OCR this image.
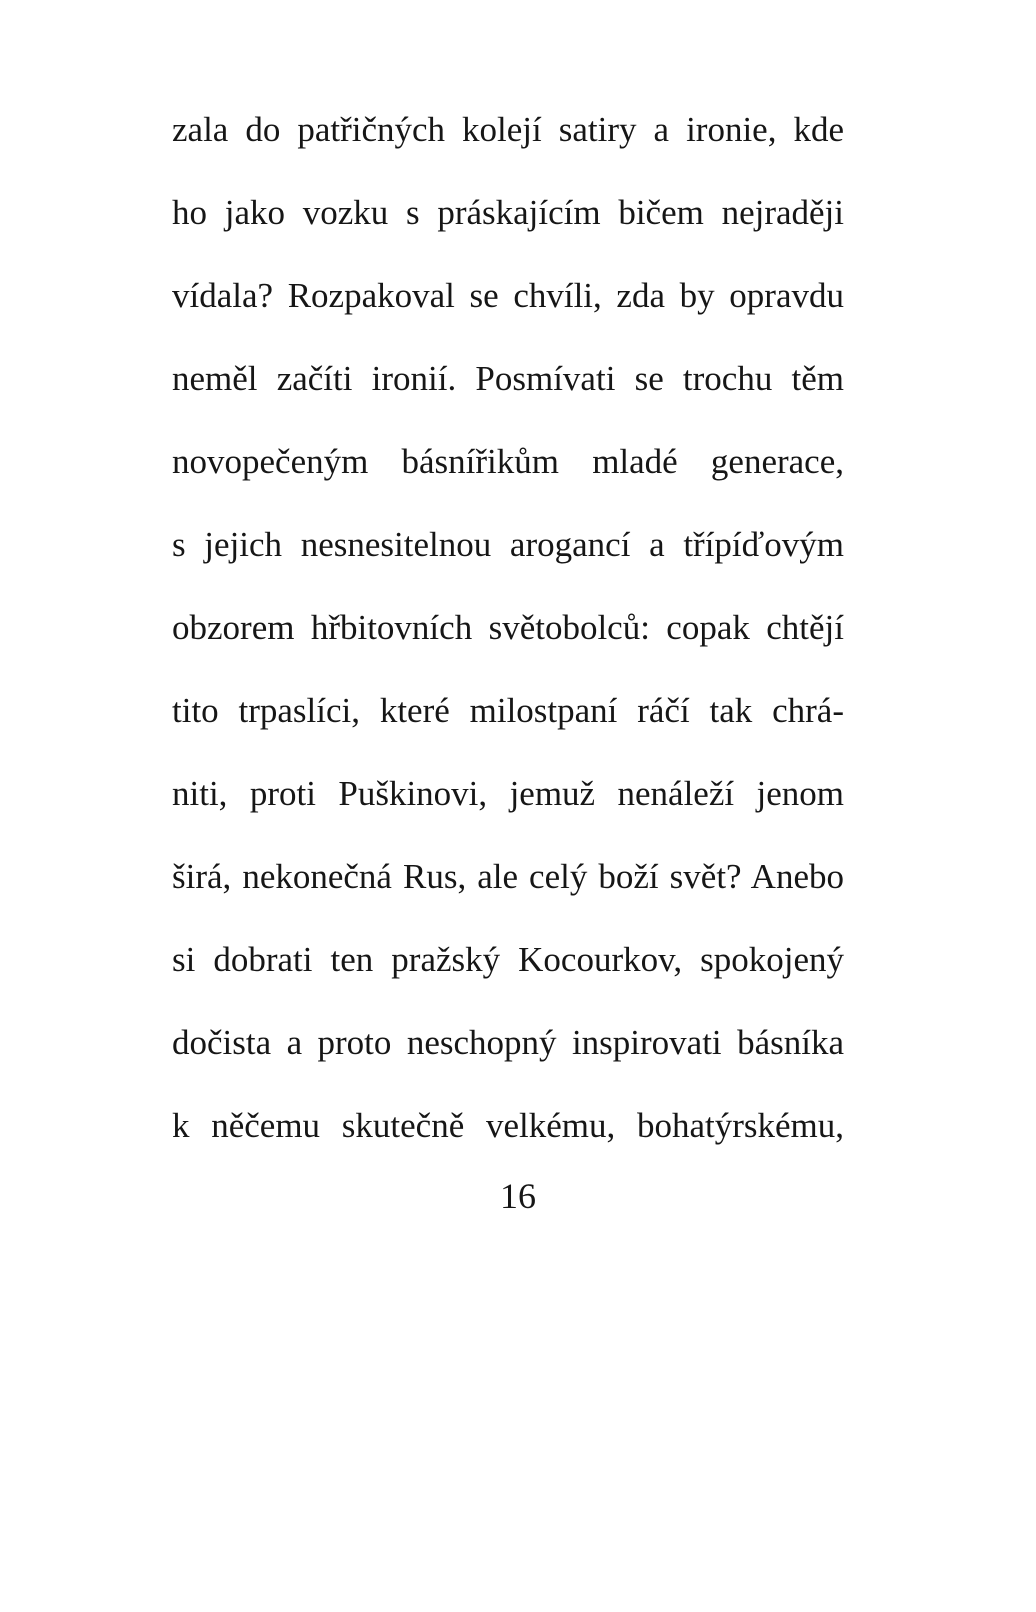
zala do patřičných kolejí satiry a ironie, kde
ho jako vozku s práskajícím bičem nejraději
vídala? Rozpakoval se chvíli, zda by opravdu
neměl začíti ironií. Posmívati se trochu těm
novopečeným básnířikům mladé generace,
s jejich nesnesitelnou arogancí a třípíďovým
obzorem hřbitovních světobolců: copak chtějí
tito trpaslíci, které milostpaní ráčí tak chrá-
niti, proti Puškinovi, jemuž nenáleží jenom
širá, nekonečná Rus, ale celý boží svět? Anebo
si dobrati ten pražský Kocourkov, spokojený
dočista a proto neschopný inspirovati básníka
k něčemu skutečně velkému, bohatýrskému,
16
